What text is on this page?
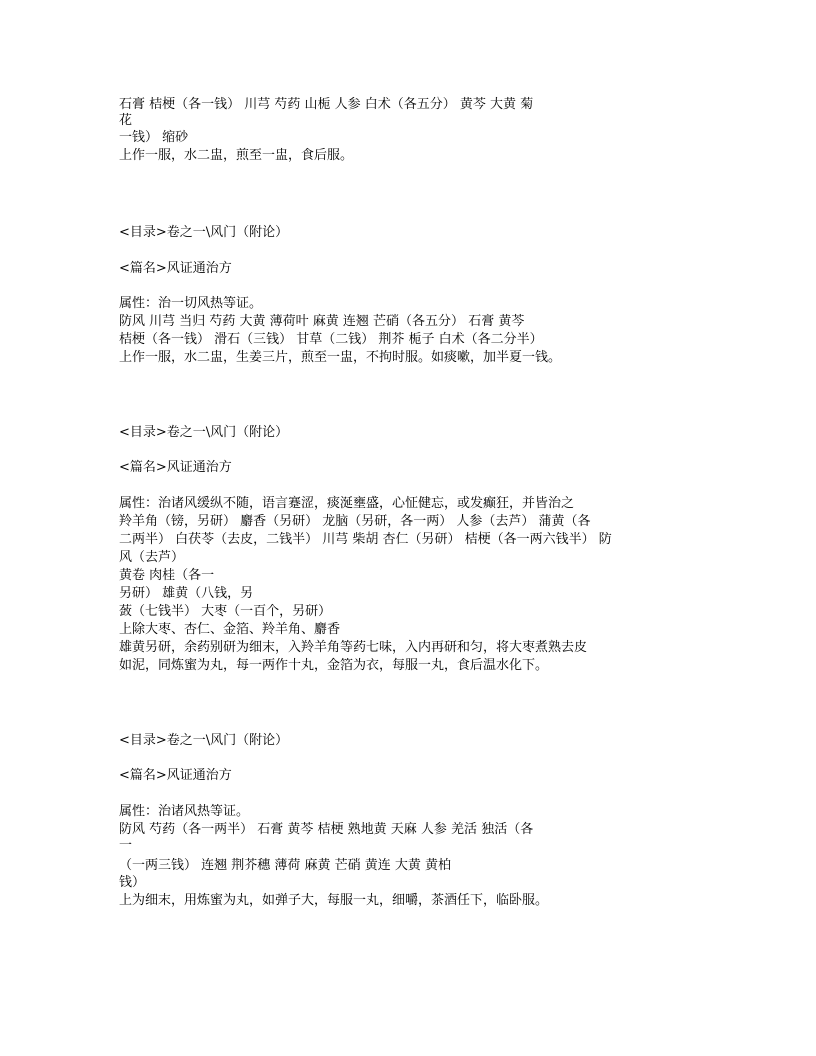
石膏 桔梗（各一钱） 川芎 芍药 山栀 人参 白术（各五分） 黄芩 大黄 菊
花
一钱） 缩砂
上作一服，水二盅，煎至一盅，食后服。
<目录>卷之一\风门（附论）
<篇名>风证通治方
属性：治一切风热等证。
防风 川芎 当归 芍药 大黄 薄荷叶 麻黄 连翘 芒硝（各五分） 石膏 黄芩
桔梗（各一钱） 滑石（三钱） 甘草（二钱） 荆芥 栀子 白术（各二分半）
上作一服，水二盅，生姜三片，煎至一盅，不拘时服。如痰嗽，加半夏一钱。
<目录>卷之一\风门（附论）
<篇名>风证通治方
属性：治诸风缓纵不随，语言蹇涩，痰涎壅盛，心怔健忘，或发癫狂，并皆治之
羚羊角（镑，另研） 麝香（另研） 龙脑（另研，各一两） 人参（去芦） 蒲黄（各
二两半） 白茯苓（去皮，二钱半） 川芎 柴胡 杏仁（另研） 桔梗（各一两六钱半） 防
风（去芦）
黄卷 肉桂（各一
另研） 雄黄（八钱，另
蔹（七钱半） 大枣（一百个，另研）
上除大枣、杏仁、金箔、羚羊角、麝香
雄黄另研，余药别研为细末，入羚羊角等药七味，入内再研和匀，将大枣煮熟去皮
如泥，同炼蜜为丸，每一两作十丸，金箔为衣，每服一丸，食后温水化下。
<目录>卷之一\风门（附论）
<篇名>风证通治方
属性：治诸风热等证。
防风 芍药（各一两半） 石膏 黄芩 桔梗 熟地黄 天麻 人参 羌活 独活（各
一
（一两三钱） 连翘 荆芥穗 薄荷 麻黄 芒硝 黄连 大黄 黄柏
钱）
上为细末，用炼蜜为丸，如弹子大，每服一丸，细嚼，茶酒任下，临卧服。
